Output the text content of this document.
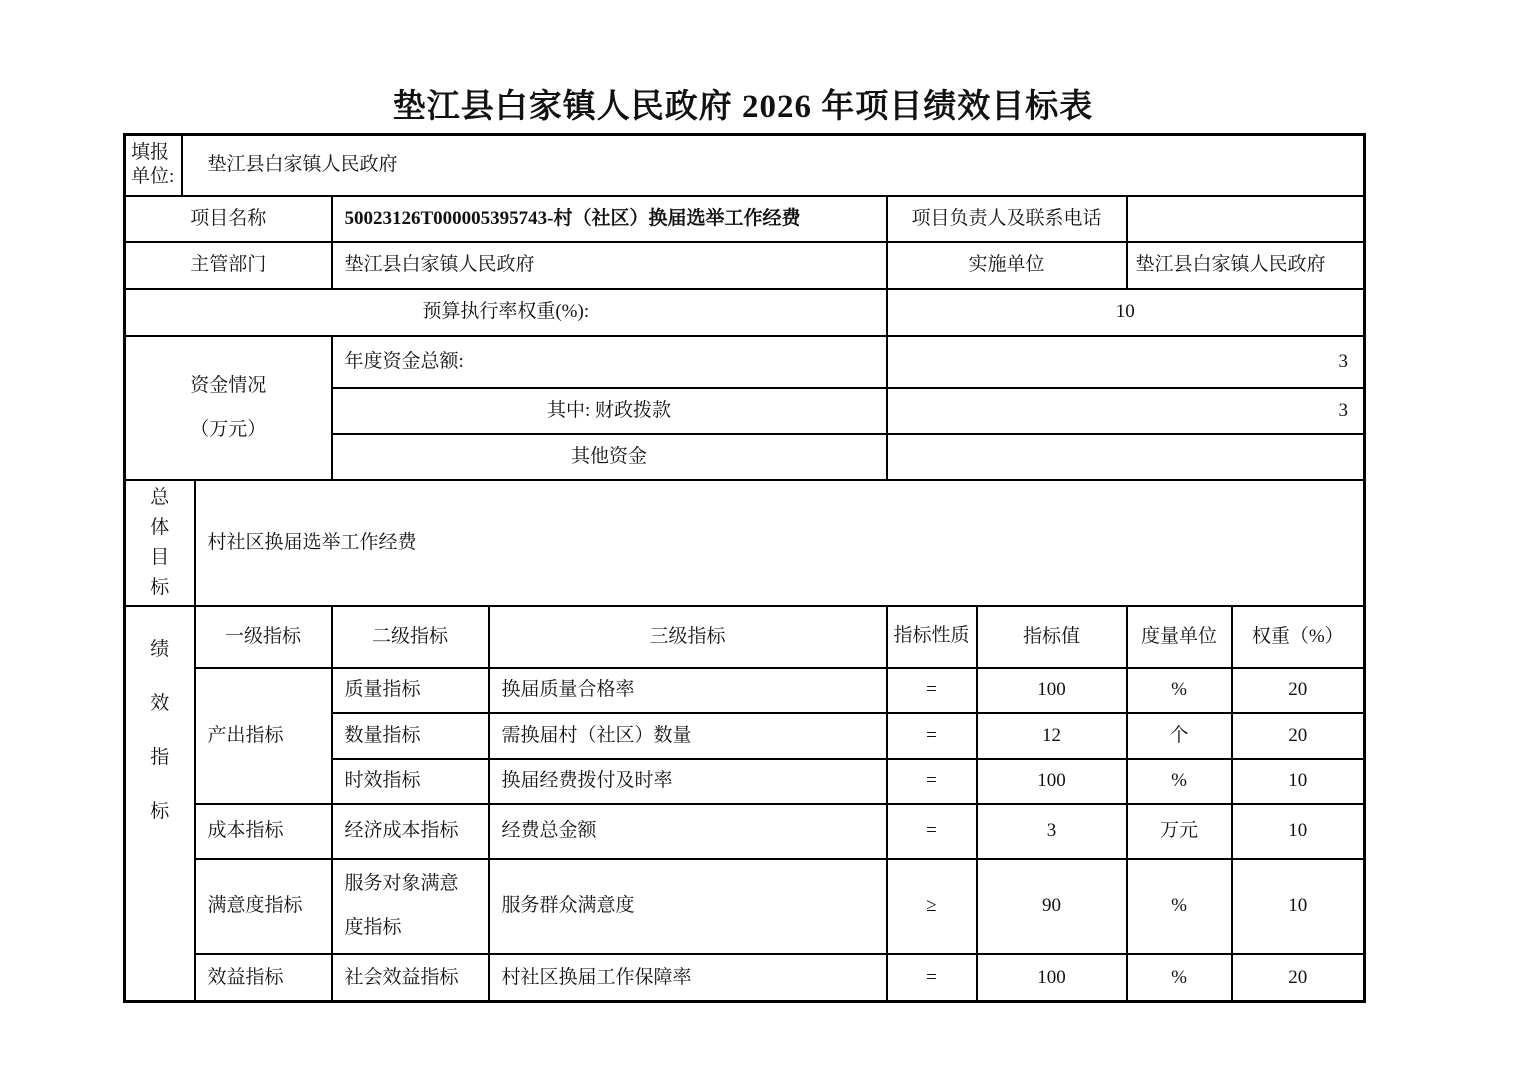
垫江县白家镇人民政府 2026 年项目绩效目标表
填报单位:	垫江县白家镇人民政府							
项目名称			50023126T000005395743-村（社区）换届选举工作经费		项目负责人及联系电话			
主管部门			垫江县白家镇人民政府		实施单位		垫江县白家镇人民政府	
预算执行率权重(%):					10			

资金情况
（万元）			年度资金总额:		3			
			其中: 财政拨款		3			
			其他资金					

总
体
目
标		村社区换届选举工作经费						

绩
效
指
标		一级指标	二级指标	三级指标	指标性质	指标值	度量单位	权重（%）
		产出指标	质量指标	换届质量合格率	=	100	%	20
			数量指标	需换届村（社区）数量	=	12	个	20
			时效指标	换届经费拨付及时率	=	100	%	10
		成本指标	经济成本指标	经费总金额	=	3	万元	10
		满意度指标	服务对象满意度指标	服务群众满意度	≥	90	%	10
		效益指标	社会效益指标	村社区换届工作保障率	=	100	%	20
